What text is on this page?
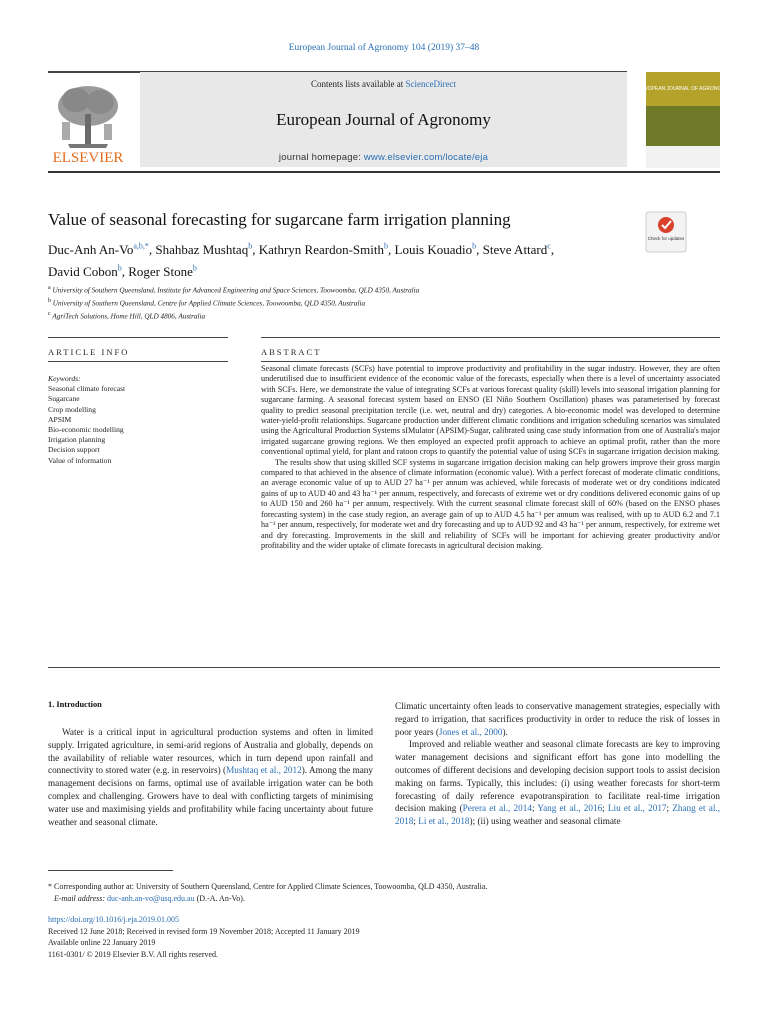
European Journal of Agronomy 104 (2019) 37–48
Contents lists available at ScienceDirect
European Journal of Agronomy
journal homepage: www.elsevier.com/locate/eja
ELSEVIER
EUROPEAN JOURNAL OF AGRONOMY
Value of seasonal forecasting for sugarcane farm irrigation planning
Duc-Anh $An-Vo^{a,b,*}$, Shahbaz Mushtaq$^b$, Kathryn Reardon-Smith$^b$, Louis Kouadio$^b$, Steve Attard$^c$,
David Cobon$^b$, Roger Stone$^b$
Check for updates
$^a$ University of Southern Queensland, Institute for Advanced Engineering and Space Sciences, Toowoomba, QLD 4350, Australia
$^b$ University of Southern Queensland, Centre for Applied Climate Sciences, Toowoomba, QLD 4350, Australia
$^c$ AgriTech Solutions, Home Hill, QLD 4806, Australia
ARTICLE INFO	ABSTRACT
Keywords:
Seasonal climate forecast
Sugarcane
Crop modelling
APSIM
Bio-economic modelling
Irrigation planning
Decision support
Value of information

Seasonal climate forecasts (SCFs) have potential to improve productivity and profitability in the sugar industry. However, they are often underutilised due to insufficient evidence of the economic value of the forecasts, especially when there is a level of uncertainty associated with SCFs. Here, we demonstrate the value of integrating SCFs at various forecast quality (skill) levels into seasonal irrigation planning for sugarcane farming. A seasonal forecast system based on ENSO (El Niño Southern Oscillation) phases was parameterised by forecast quality to predict seasonal precipitation tercile (i.e. wet, neutral and dry) categories. A bio-economic model was developed to determine water-yield-profit relationships. Sugarcane production under different climatic conditions and irrigation scheduling scenarios was simulated using the Agricultural Production Systems sIMulator (APSIM)-Sugar, calibrated using case study information from one of Australia's major irrigated sugarcane growing regions. We then employed an expected profit approach to achieve an optimal profit, rather than the more conventional optimal yield, for plant and ratoon crops to quantify the potential value of using SCFs in sugarcane irrigation decision making.

The results show that using skilled SCF systems in sugarcane irrigation decision making can help growers improve their gross margin compared to that achieved in the absence of climate information (economic value). With a perfect forecast of moderate climatic conditions, an average economic value of up to AUD 27 ha⁻¹ per annum was achieved, while forecasts of moderate wet or dry conditions indicated gains of up to AUD 40 and 43 ha⁻¹ per annum, respectively, and forecasts of extreme wet or dry conditions delivered economic gains of up to AUD 150 and 260 ha⁻¹ per annum, respectively. With the current seasonal climate forecast skill of 60% (based on the ENSO phases forecasting system) in the case study region, an average gain of up to AUD 4.5 ha⁻¹ per annum was realised, with up to AUD 6.2 and 7.1 ha⁻¹ per annum, respectively, for moderate wet and dry forecasting and up to AUD 92 and 43 ha⁻¹ per annum, respectively, for extreme wet and dry forecasting. Improvements in the skill and reliability of SCFs will be important for achieving greater productivity and/or profitability and the wider uptake of climate forecasts in agricultural decision making.

1. Introduction

Water is a critical input in agricultural production systems and often in limited supply. Irrigated agriculture, in semi-arid regions of Australia and globally, depends on the availability of reliable water resources, which in turn depend upon rainfall and connectivity to stored water (e.g. in reservoirs) (Mushtaq et al., 2012). Among the many management decisions on farms, optimal use of available irrigation water can be both complex and challenging. Growers have to deal with conflicting targets of minimising water use and maximising yields and profitability while facing uncertainty about future weather and seasonal climate.

Climatic uncertainty often leads to conservative management strategies, especially with regard to irrigation, that sacrifices productivity in order to reduce the risk of losses in poor years (Jones et al., 2000).

Improved and reliable weather and seasonal climate forecasts are key to improving water management decisions and significant effort has gone into modelling the outcomes of different decisions and developing decision support tools to assist decision making on farms. Typically, this includes: (i) using weather forecasts for short-term forecasting of daily reference evapotranspiration to facilitate real-time irrigation decision making (Perera et al., 2014; Yang et al., 2016; Liu et al., 2017; Zhang et al., 2018; Li et al., 2018); (ii) using weather and seasonal climate

* Corresponding author at: University of Southern Queensland, Centre for Applied Climate Sciences, Toowoomba, QLD 4350, Australia.
E-mail address: duc-anh.an-vo@usq.edu.au (D.-A. An-Vo).
https://doi.org/10.1016/j.eja.2019.01.005
Received 12 June 2018; Received in revised form 19 November 2018; Accepted 11 January 2019
Available online 22 January 2019
1161-0301/ © 2019 Elsevier B.V. All rights reserved.
